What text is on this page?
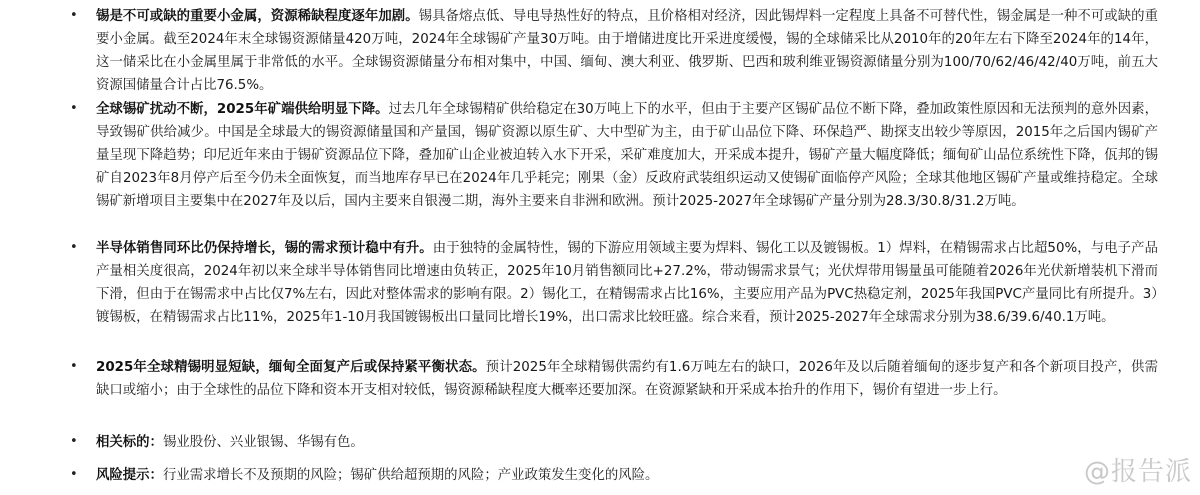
•	锡是不可或缺的重要小金属，资源稀缺程度逐年加剧。锡具备熔点低、导电导热性好的特点，且价格相对经济，因此锡焊料一定程度上具备不可替代性，锡金属是一种不可或缺的重要小金属。截至2024年末全球锡资源储量420万吨，2024年全球锡矿产量30万吨。由于增储进度比开采进度缓慢，锡的全球储采比从2010年的20年左右下降至2024年的14年，这一储采比在小金属里属于非常低的水平。全球锡资源储量分布相对集中，中国、缅甸、澳大利亚、俄罗斯、巴西和玻利维亚锡资源储量分别为100/70/62/46/42/40万吨，前五大资源国储量合计占比76.5%。
•	全球锡矿扰动不断，2025年矿端供给明显下降。过去几年全球锡精矿供给稳定在30万吨上下的水平，但由于主要产区锡矿品位不断下降，叠加政策性原因和无法预判的意外因素，导致锡矿供给减少。中国是全球最大的锡资源储量国和产量国，锡矿资源以原生矿、大中型矿为主，由于矿山品位下降、环保趋严、勘探支出较少等原因，2015年之后国内锡矿产量呈现下降趋势；印尼近年来由于锡矿资源品位下降，叠加矿山企业被迫转入水下开采，采矿难度加大，开采成本提升，锡矿产量大幅度降低；缅甸矿山品位系统性下降，佤邦的锡矿自2023年8月停产后至今仍未全面恢复，而当地库存早已在2024年几乎耗完；刚果（金）反政府武装组织运动又使锡矿面临停产风险；全球其他地区锡矿产量或维持稳定。全球锡矿新增项目主要集中在2027年及以后，国内主要来自银漫二期，海外主要来自非洲和欧洲。预计2025-2027年全球锡矿产量分别为28.3/30.8/31.2万吨。
•	半导体销售同环比仍保持增长，锡的需求预计稳中有升。由于独特的金属特性，锡的下游应用领域主要为焊料、锡化工以及镀锡板。1）焊料，在精锡需求占比超50%，与电子产品产量相关度很高，2024年初以来全球半导体销售同比增速由负转正，2025年10月销售额同比+27.2%，带动锡需求景气；光伏焊带用锡量虽可能随着2026年光伏新增装机下滑而下滑，但由于在锡需求中占比仅7%左右，因此对整体需求的影响有限。2）锡化工，在精锡需求占比16%，主要应用产品为PVC热稳定剂，2025年我国PVC产量同比有所提升。3）镀锡板，在精锡需求占比11%，2025年1-10月我国镀锡板出口量同比增长19%，出口需求比较旺盛。综合来看，预计2025-2027年全球需求分别为38.6/39.6/40.1万吨。
•	2025年全球精锡明显短缺，缅甸全面复产后或保持紧平衡状态。预计2025年全球精锡供需约有1.6万吨左右的缺口，2026年及以后随着缅甸的逐步复产和各个新项目投产，供需缺口或缩小；由于全球性的品位下降和资本开支相对较低，锡资源稀缺程度大概率还要加深。在资源紧缺和开采成本抬升的作用下，锡价有望进一步上行。
•	相关标的：锡业股份、兴业银锡、华锡有色。
•	风险提示：行业需求增长不及预期的风险；锡矿供给超预期的风险；产业政策发生变化的风险。	@报告派
